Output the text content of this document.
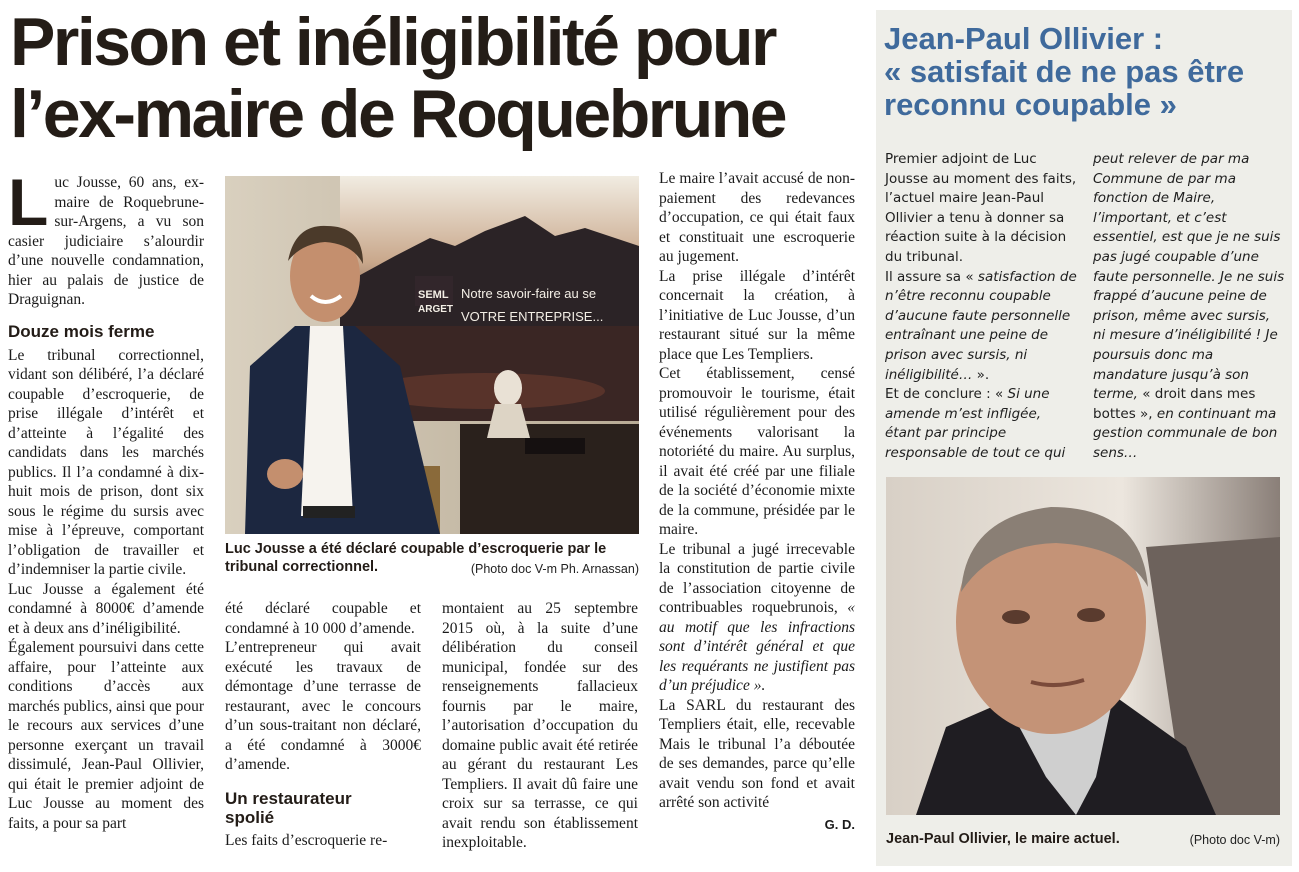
Prison et inéligibilité pour
l’ex-maire de Roquebrune

Luc Jousse, 60 ans, ex-maire de Roquebrune-sur-Argens, a vu son casier judiciaire s’alourdir d’une nouvelle condamnation, hier au palais de justice de Draguignan.

Douze mois ferme

Le tribunal correctionnel, vidant son délibéré, l’a déclaré coupable d’escroquerie, de prise illégale d’intérêt et d’atteinte à l’égalité des candidats dans les marchés publics. Il l’a condamné à dix-huit mois de prison, dont six sous le régime du sursis avec mise à l’épreuve, comportant l’obligation de travailler et d’indemniser la partie civile.

Luc Jousse a également été condamné à 8000€ d’amende et à deux ans d’inéligibilité.

Également poursuivi dans cette affaire, pour l’atteinte aux conditions d’accès aux marchés publics, ainsi que pour le recours aux services d’une personne exerçant un travail dissimulé, Jean-Paul Ollivier, qui était le premier adjoint de Luc Jousse au moment des faits, a pour sa part

SEML
ARGET
Notre savoir-faire au se
VOTRE ENTREPRISE...
Luc Jousse a été déclaré coupable d’escroquerie par le tribunal correctionnel.	(Photo doc V-m Ph. Arnassan)

été déclaré coupable et condamné à 10 000 d’amende.

L’entrepreneur qui avait exécuté les travaux de démontage d’une terrasse de restaurant, avec le concours d’un sous-traitant non déclaré, a été condamné à 3000€ d’amende.

Un restaurateur
spolié

Les faits d’escroquerie re-

montaient au 25 septembre 2015 où, à la suite d’une délibération du conseil municipal, fondée sur des renseignements fallacieux fournis par le maire, l’autorisation d’occupation du domaine public avait été retirée au gérant du restaurant Les Templiers. Il avait dû faire une croix sur sa terrasse, ce qui avait rendu son établissement inexploitable.

Le maire l’avait accusé de non-paiement des redevances d’occupation, ce qui était faux et constituait une escroquerie au jugement.

La prise illégale d’intérêt concernait la création, à l’initiative de Luc Jousse, d’un restaurant situé sur la même place que Les Templiers.

Cet établissement, censé promouvoir le tourisme, était utilisé régulièrement pour des événements valorisant la notoriété du maire. Au surplus, il avait été créé par une filiale de la société d’économie mixte de la commune, présidée par le maire.

Le tribunal a jugé irrecevable la constitution de partie civile de l’association citoyenne de contribuables roquebrunois, « au motif que les infractions sont d’intérêt général et que les requérants ne justifient pas d’un préjudice ».

La SARL du restaurant des Templiers était, elle, recevable Mais le tribunal l’a déboutée de ses demandes, parce qu’elle avait vendu son fond et avait arrêté son activité

G. D.
Jean-Paul Ollivier :
« satisfait de ne pas être
reconnu coupable »

Premier adjoint de Luc Jousse au moment des faits, l’actuel maire Jean-Paul Ollivier a tenu à donner sa réaction suite à la décision du tribunal.

Il assure sa « satisfaction de n’être reconnu coupable d’aucune faute personnelle entraînant une peine de prison avec sursis, ni inéligibilité… ».

Et de conclure : « Si une amende m’est infligée, étant par principe responsable de tout ce qui

peut relever de par ma Commune de par ma fonction de Maire, l’important, et c’est essentiel, est que je ne suis pas jugé coupable d’une faute personnelle. Je ne suis frappé d’aucune peine de prison, même avec sursis, ni mesure d’inéligibilité ! Je poursuis donc ma mandature jusqu’à son terme, « droit dans mes bottes », en continuant ma gestion communale de bon sens…

Jean-Paul Ollivier, le maire actuel.	(Photo doc V-m)
